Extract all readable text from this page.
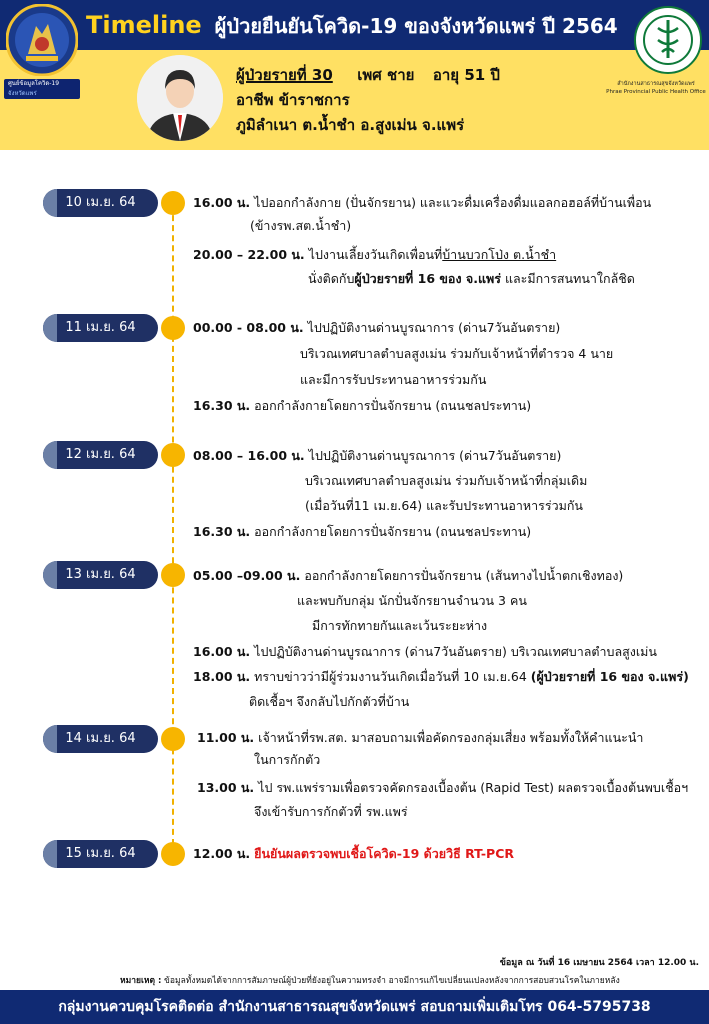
Timeline ผู้ป่วยยืนยันโควิด-19 ของจังหวัดแพร่ ปี 2564
ศูนย์ข้อมูลโควิด-19
จังหวัดแพร่
สำนักงานสาธารณสุขจังหวัดแพร่
Phrae Provincial Public Health Office
ผู้ป่วยรายที่ 30 เพศ ชาย อายุ 51 ปี
อาชีพ ข้าราชการ
ภูมิลำเนา ต.น้ำชำ อ.สูงเม่น จ.แพร่
10 เม.ย. 64	16.00 น. ไปออกกำลังกาย (ปั่นจักรยาน) และแวะดื่มเครื่องดื่มแอลกอฮอล์ที่บ้านเพื่อน
(ข้างรพ.สต.น้ำชำ)
20.00 – 22.00 น. ไปงานเลี้ยงวันเกิดเพื่อนที่บ้านบวกโป่ง ต.น้ำชำ
นั่งติดกับผู้ป่วยรายที่ 16 ของ จ.แพร่ และมีการสนทนาใกล้ชิด
11 เม.ย. 64	00.00 - 08.00 น. ไปปฏิบัติงานด่านบูรณาการ (ด่าน7วันอันตราย)
บริเวณเทศบาลตำบลสูงเม่น ร่วมกับเจ้าหน้าที่ตำรวจ 4 นาย
และมีการรับประทานอาหารร่วมกัน
16.30 น. ออกกำลังกายโดยการปั่นจักรยาน (ถนนชลประทาน)
12 เม.ย. 64	08.00 – 16.00 น. ไปปฏิบัติงานด่านบูรณาการ (ด่าน7วันอันตราย)
บริเวณเทศบาลตำบลสูงเม่น ร่วมกับเจ้าหน้าที่กลุ่มเดิม
(เมื่อวันที่11 เม.ย.64) และรับประทานอาหารร่วมกัน
16.30 น. ออกกำลังกายโดยการปั่นจักรยาน (ถนนชลประทาน)
13 เม.ย. 64	05.00 –09.00 น. ออกกำลังกายโดยการปั่นจักรยาน (เส้นทางไปน้ำตกเชิงทอง)
และพบกับกลุ่ม นักปั่นจักรยานจำนวน 3 คน
มีการทักทายกันและเว้นระยะห่าง
16.00 น. ไปปฏิบัติงานด่านบูรณาการ (ด่าน7วันอันตราย) บริเวณเทศบาลตำบลสูงเม่น
18.00 น. ทราบข่าวว่ามีผู้ร่วมงานวันเกิดเมื่อวันที่ 10 เม.ย.64 (ผู้ป่วยรายที่ 16 ของ จ.แพร่)
ติดเชื้อฯ จึงกลับไปกักตัวที่บ้าน
14 เม.ย. 64	11.00 น. เจ้าหน้าที่รพ.สต. มาสอบถามเพื่อคัดกรองกลุ่มเสี่ยง พร้อมทั้งให้คำแนะนำ
ในการกักตัว
13.00 น. ไป รพ.แพร่รามเพื่อตรวจคัดกรองเบื้องต้น (Rapid Test) ผลตรวจเบื้องต้นพบเชื้อฯ
จึงเข้ารับการกักตัวที่ รพ.แพร่
15 เม.ย. 64	12.00 น. ยืนยันผลตรวจพบเชื้อโควิด-19 ด้วยวิธี RT-PCR
ข้อมูล ณ วันที่ 16 เมษายน 2564 เวลา 12.00 น.
หมายเหตุ : ข้อมูลทั้งหมดได้จากการสัมภาษณ์ผู้ป่วยที่ยังอยู่ในความทรงจำ อาจมีการแก้ไขเปลี่ยนแปลงหลังจากการสอบสวนโรคในภายหลัง
กลุ่มงานควบคุมโรคติดต่อ สำนักงานสาธารณสุขจังหวัดแพร่ สอบถามเพิ่มเติมโทร 064-5795738
